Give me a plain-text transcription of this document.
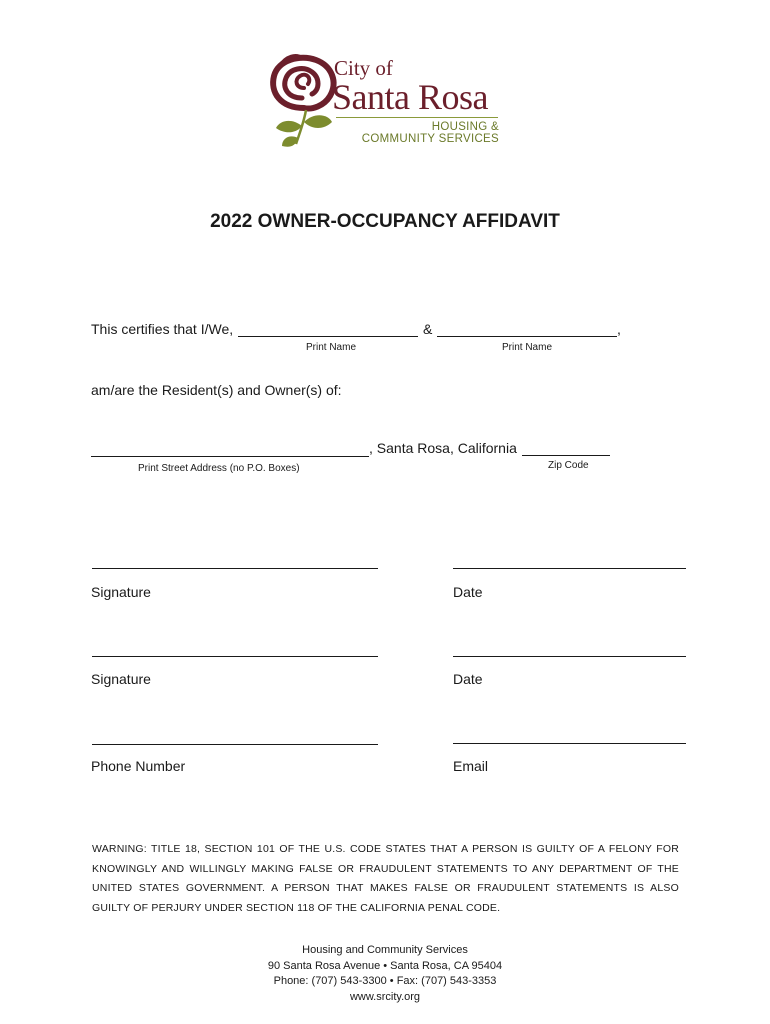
City of
Santa Rosa
HOUSING &
COMMUNITY SERVICES
2022 OWNER-OCCUPANCY AFFIDAVIT
This certifies that I/We,	&	,
Print Name	Print Name
am/are the Resident(s) and Owner(s) of:
, Santa Rosa, California
Print Street Address (no P.O. Boxes)	Zip Code
Signature	Date
Signature	Date
Phone Number	Email
WARNING: TITLE 18, SECTION 101 OF THE U.S. CODE STATES THAT A PERSON IS GUILTY OF A FELONY FOR KNOWINGLY AND WILLINGLY MAKING FALSE OR FRAUDULENT STATEMENTS TO ANY DEPARTMENT OF THE UNITED STATES GOVERNMENT. A PERSON THAT MAKES FALSE OR FRAUDULENT STATEMENTS IS ALSO GUILTY OF PERJURY UNDER SECTION 118 OF THE CALIFORNIA PENAL CODE.
Housing and Community Services
90 Santa Rosa Avenue • Santa Rosa, CA 95404
Phone: (707) 543-3300 • Fax: (707) 543-3353
www.srcity.org
